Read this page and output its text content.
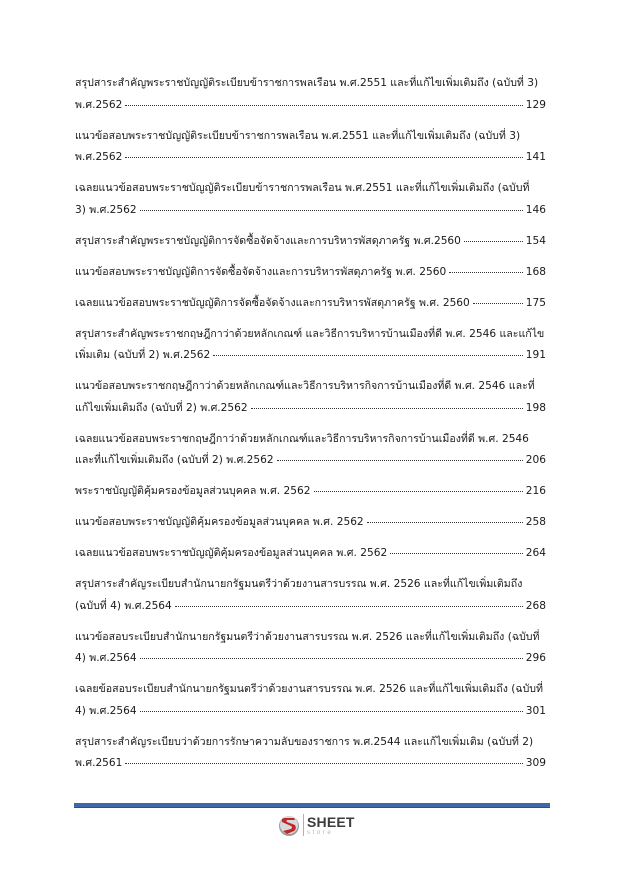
สรุปสาระสำคัญพระราชบัญญัติระเบียบข้าราชการพลเรือน พ.ศ.2551 และที่แก้ไขเพิ่มเติมถึง (ฉบับที่ 3)
พ.ศ.2562	129
แนวข้อสอบพระราชบัญญัติระเบียบข้าราชการพลเรือน พ.ศ.2551 และที่แก้ไขเพิ่มเติมถึง (ฉบับที่ 3)
พ.ศ.2562	141
เฉลยแนวข้อสอบพระราชบัญญัติระเบียบข้าราชการพลเรือน พ.ศ.2551 และที่แก้ไขเพิ่มเติมถึง (ฉบับที่
3) พ.ศ.2562	146
สรุปสาระสำคัญพระราชบัญญัติการจัดซื้อจัดจ้างและการบริหารพัสดุภาครัฐ พ.ศ.2560	154
แนวข้อสอบพระราชบัญญัติการจัดซื้อจัดจ้างและการบริหารพัสดุภาครัฐ พ.ศ. 2560	168
เฉลยแนวข้อสอบพระราชบัญญัติการจัดซื้อจัดจ้างและการบริหารพัสดุภาครัฐ พ.ศ. 2560	175
สรุปสาระสำคัญพระราชกฤษฎีกาว่าด้วยหลักเกณฑ์ และวิธีการบริหารบ้านเมืองที่ดี พ.ศ. 2546 และแก้ไข
เพิ่มเติม (ฉบับที่ 2) พ.ศ.2562	191
แนวข้อสอบพระราชกฤษฎีกาว่าด้วยหลักเกณฑ์และวิธีการบริหารกิจการบ้านเมืองที่ดี พ.ศ. 2546 และที่
แก้ไขเพิ่มเติมถึง (ฉบับที่ 2) พ.ศ.2562	198
เฉลยแนวข้อสอบพระราชกฤษฎีกาว่าด้วยหลักเกณฑ์และวิธีการบริหารกิจการบ้านเมืองที่ดี พ.ศ. 2546
และที่แก้ไขเพิ่มเติมถึง (ฉบับที่ 2) พ.ศ.2562	206
พระราชบัญญัติคุ้มครองข้อมูลส่วนบุคคล พ.ศ. 2562	216
แนวข้อสอบพระราชบัญญัติคุ้มครองข้อมูลส่วนบุคคล พ.ศ. 2562	258
เฉลยแนวข้อสอบพระราชบัญญัติคุ้มครองข้อมูลส่วนบุคคล พ.ศ. 2562	264
สรุปสาระสำคัญระเบียบสำนักนายกรัฐมนตรีว่าด้วยงานสารบรรณ พ.ศ. 2526 และที่แก้ไขเพิ่มเติมถึง
(ฉบับที่ 4) พ.ศ.2564	268
แนวข้อสอบระเบียบสำนักนายกรัฐมนตรีว่าด้วยงานสารบรรณ พ.ศ. 2526 และที่แก้ไขเพิ่มเติมถึง (ฉบับที่
4) พ.ศ.2564	296
เฉลยข้อสอบระเบียบสำนักนายกรัฐมนตรีว่าด้วยงานสารบรรณ พ.ศ. 2526 และที่แก้ไขเพิ่มเติมถึง (ฉบับที่
4) พ.ศ.2564	301
สรุปสาระสำคัญระเบียบว่าด้วยการรักษาความลับของราชการ พ.ศ.2544 และแก้ไขเพิ่มเติม (ฉบับที่ 2)
พ.ศ.2561	309
SHEET
store
